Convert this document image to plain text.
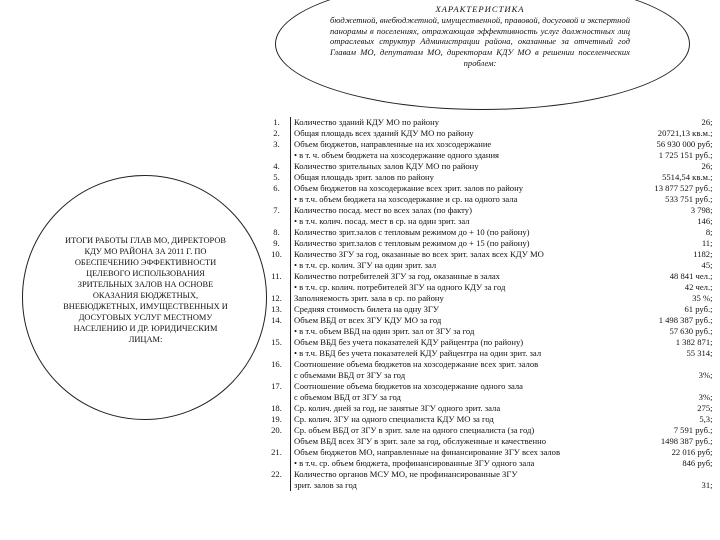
ХАРАКТЕРИСТИКА
бюджетной, внебюджетной, имущественной, правовой, досуговой и экспертной панорамы в поселениях, отражающая эффективность услуг должностных лиц отраслевых структур Администрации района, оказанные за отчетный год Главам МО, депутатам МО, директорам КДУ МО в решении поселенческих проблем:
ИТОГИ РАБОТЫ ГЛАВ МО, ДИРЕКТОРОВ КДУ МО РАЙОНА ЗА 2011 Г. ПО ОБЕСПЕЧЕНИЮ ЭФФЕКТИВНОСТИ ЦЕЛЕВОГО ИСПОЛЬЗОВАНИЯ ЗРИТЕЛЬНЫХ ЗАЛОВ НА ОСНОВЕ ОКАЗАНИЯ БЮДЖЕТНЫХ, ВНЕБЮДЖЕТНЫХ, ИМУЩЕСТВЕННЫХ И ДОСУГОВЫХ УСЛУГ МЕСТНОМУ НАСЕЛЕНИЮ И ДР. ЮРИДИЧЕСКИМ ЛИЦАМ:
1.	Количество зданий КДУ МО по району	26;
2.	Общая площадь всех зданий КДУ МО по району	20721,13 кв.м.;
3.	Объем бюджетов, направленные на их хозсодержание	56 930 000 руб;
	• в т. ч. объем бюджета на хозсодержание одного здания	1 725 151 руб.;
4.	Количество зрительных залов КДУ МО по району	26;
5.	Общая площадь зрит. залов по району	5514,54 кв.м.;
6.	Объем бюджетов на хозсодержание всех зрит. залов по району	13 877 527 руб.;
	• в т.ч. объем бюджета на хозсодержание и ср. на одного зала	533 751 руб.;
7.	Количество посад. мест во всех залах (по факту)	3 798;
	• в т.ч. колич. посад. мест в ср. на один зрит. зал	146;
8.	Количество зрит.залов с тепловым режимом до + 10 (по району)	8;
9.	Количество зрит.залов с тепловым режимом до + 15 (по району)	11;
10.	Количество ЗГУ за год, оказанные во всех зрит. залах всех КДУ МО	1182;
	• в т.ч. ср. колич. ЗГУ на один зрит. зал	45;
11.	Количество потребителей ЗГУ за год, оказанные в залах	48 841 чел.;
	• в т.ч. ср. колич. потребителей ЗГУ на одного КДУ за год	42 чел.;
12.	Заполняемость зрит. зала в ср. по району	35 %;
13.	Средняя стоимость билета на одну ЗГУ	61 руб.;
14.	Объем ВБД от всех ЗГУ КДУ МО за год	1 498 387 руб.;
	• в т.ч. объем ВБД на один зрит. зал от ЗГУ за год	57 630 руб.;
15.	Объем ВБД без учета показателей КДУ райцентра (по району)	1 382 871;
	• в т.ч. ВБД без учета показателей КДУ райцентра на один зрит. зал	55 314;
16.	Соотношение объема бюджетов на хозсодержание всех зрит. залов	
	с объемами ВБД от ЗГУ за год	3%;
17.	Соотношение объема бюджетов на хозсодержание одного зала	
	с объемом ВБД от ЗГУ за год	3%;
18.	Ср. колич. дней за год, не занятые ЗГУ одного зрит. зала	275;
19.	Ср. колич. ЗГУ на одного специалиста КДУ МО за год	5,3;
20.	Ср. объем ВБД от ЗГУ в зрит. зале на одного специалиста (за год)	7 591 руб.;
	Объем ВБД всех ЗГУ в зрит. зале за год, обслуженные и качественно	1498 387 руб.;
21.	Объем бюджетов МО, направленные на финансирование ЗГУ всех залов	22 016 руб;
	• в т.ч. ср. объем бюджета, профинансированные ЗГУ одного зала	846 руб;
22.	Количество органов МСУ МО, не профинансированные ЗГУ	
	зрит. залов за год	31;
